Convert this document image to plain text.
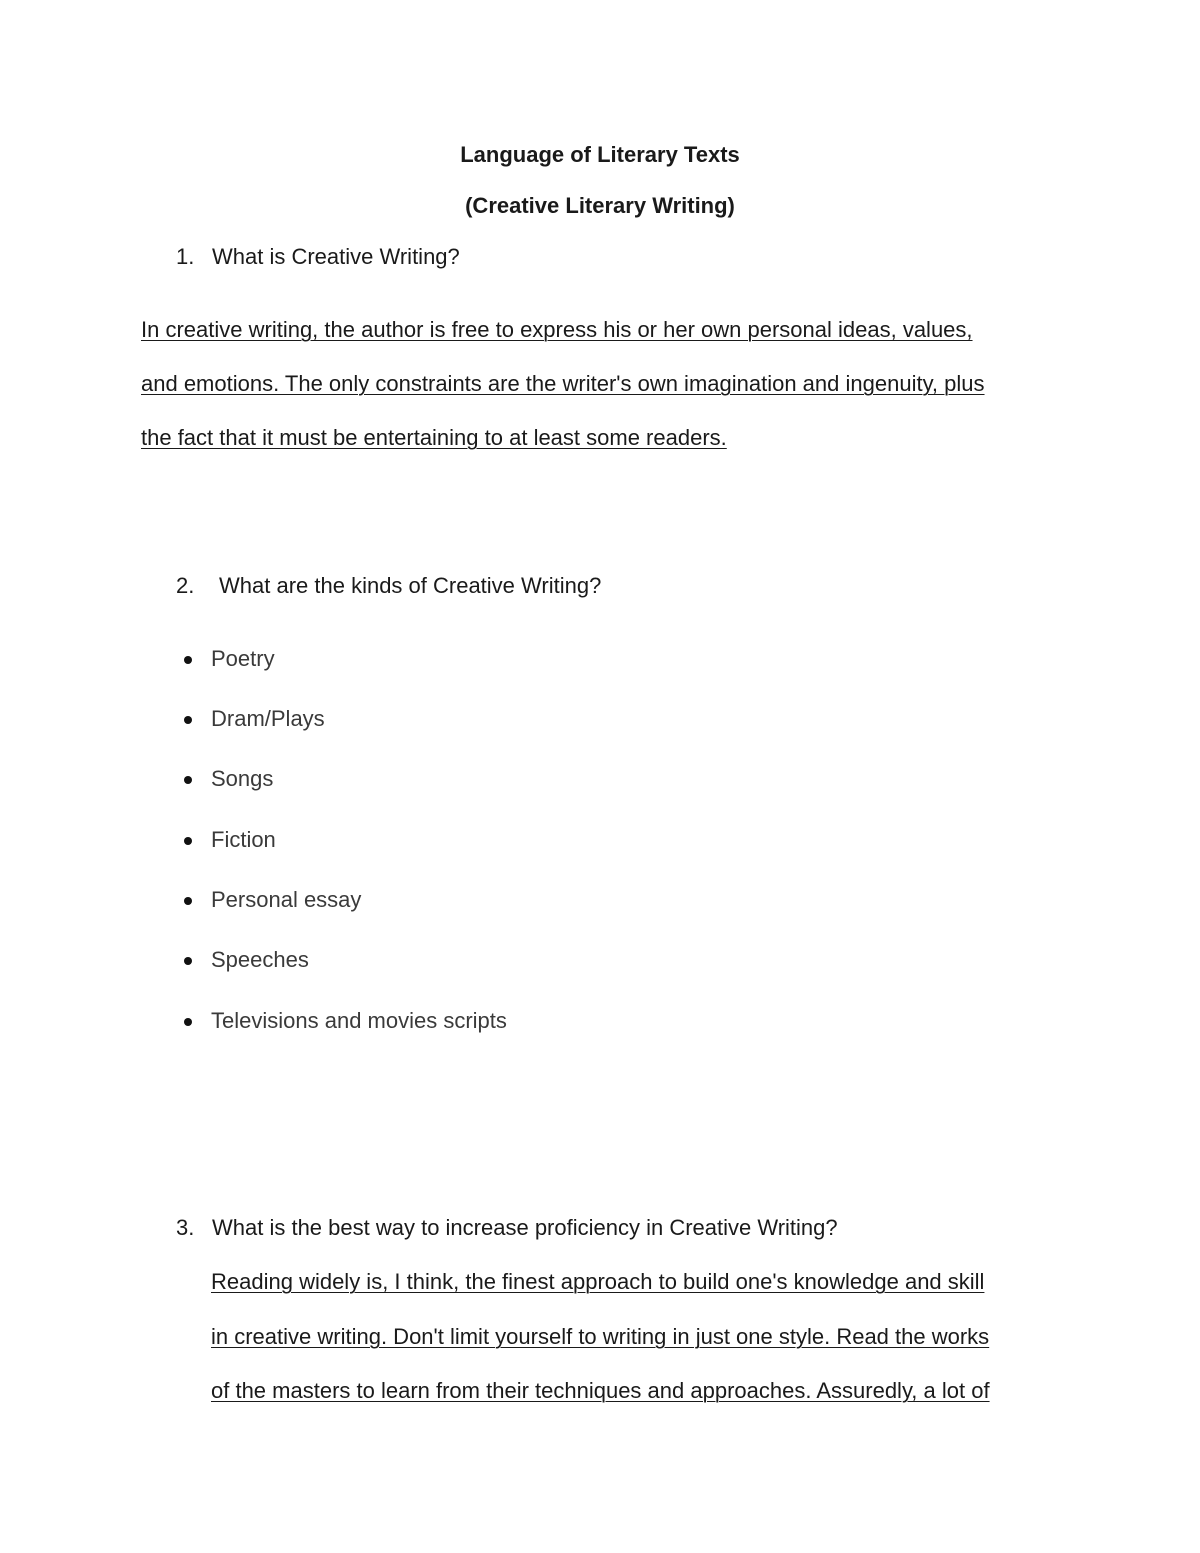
Language of Literary Texts
(Creative Literary Writing)

1. What is Creative Writing?

In creative writing, the author is free to express his or her own personal ideas, values,

and emotions. The only constraints are the writer's own imagination and ingenuity, plus

the fact that it must be entertaining to at least some readers.

2. What are the kinds of Creative Writing?

Poetry
Dram/Plays
Songs
Fiction
Personal essay
Speeches
Televisions and movies scripts

3. What is the best way to increase proficiency in Creative Writing?

Reading widely is, I think, the finest approach to build one's knowledge and skill

in creative writing. Don't limit yourself to writing in just one style. Read the works

of the masters to learn from their techniques and approaches. Assuredly, a lot of
